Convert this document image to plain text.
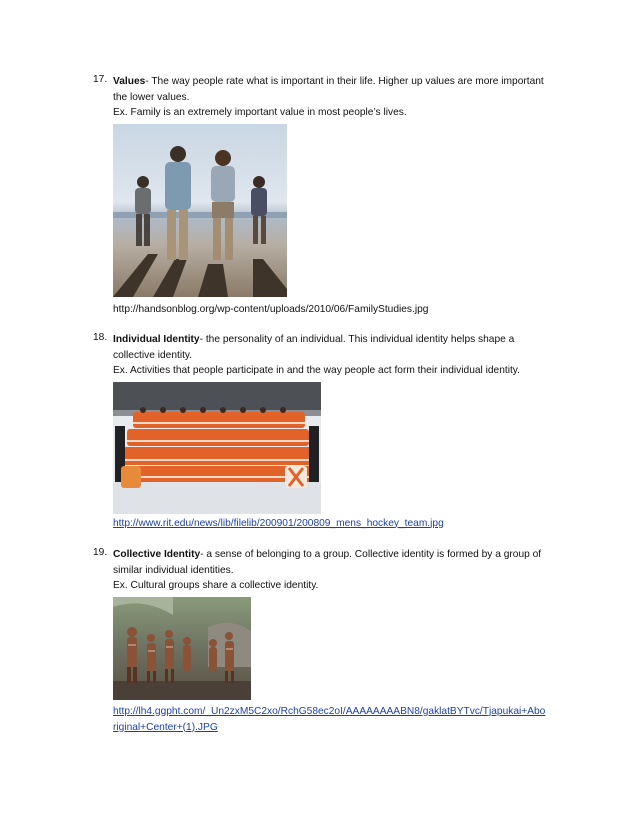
17. Values- The way people rate what is important in their life. Higher up values are more important
the lower values.
Ex. Family is an extremely important value in most people’s lives.
http://handsonblog.org/wp-content/uploads/2010/06/FamilyStudies.jpg
18. Individual Identity- the personality of an individual. This individual identity helps shape a
collective identity.
Ex. Activities that people participate in and the way people act form their individual identity.
http://www.rit.edu/news/lib/filelib/200901/200809_mens_hockey_team.jpg
19. Collective Identity- a sense of belonging to a group. Collective identity is formed by a group of
similar individual identities.
Ex. Cultural groups share a collective identity.
http://lh4.ggpht.com/_Un2zxM5C2xo/RchG58ec2oI/AAAAAAAABN8/gaklatBYTvc/Tjapukai+Abo
riginal+Center+(1).JPG
